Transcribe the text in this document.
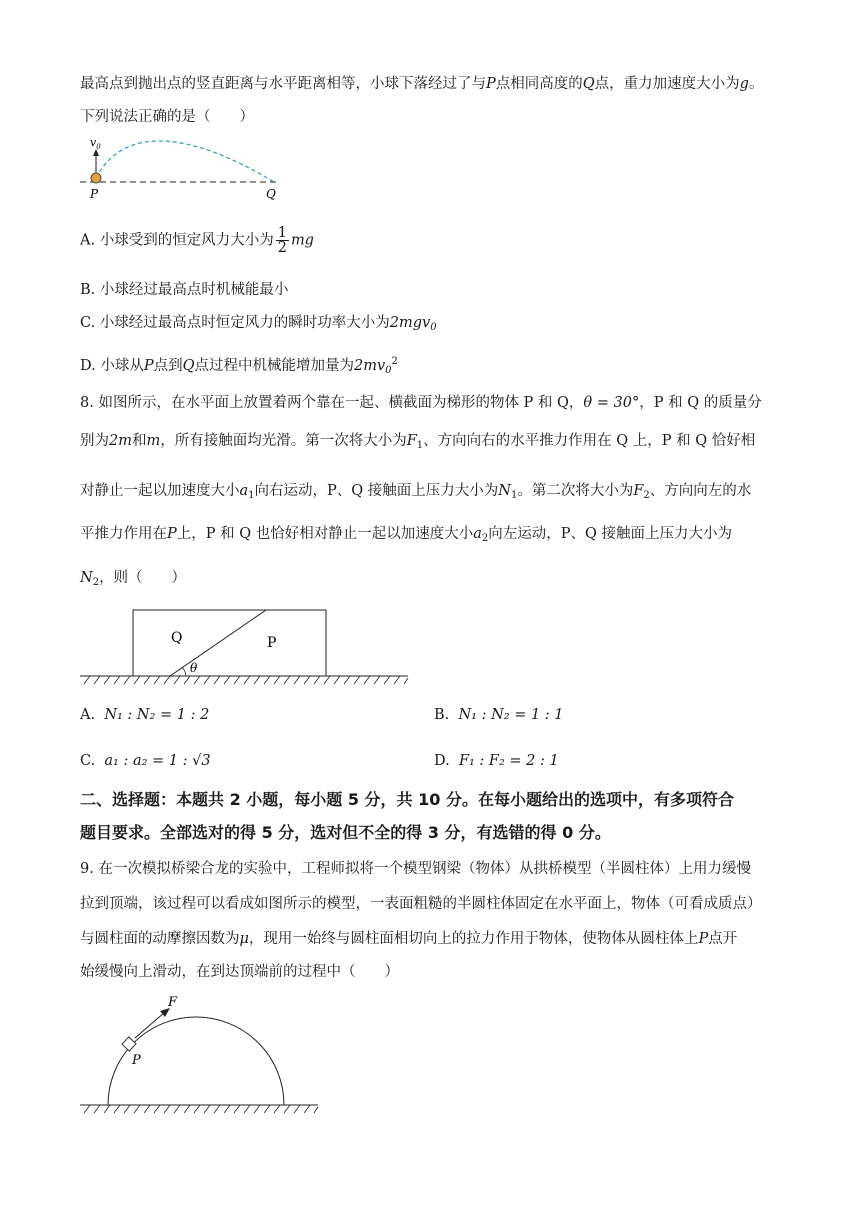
最高点到抛出点的竖直距离与水平距离相等，小球下落经过了与P点相同高度的Q点，重力加速度大小为g。
下列说法正确的是（　　）
$v_0$
P	Q
A. 小球受到的恒定风力大小为 $\frac{1}{2}$ mg
B. 小球经过最高点时机械能最小
C. 小球经过最高点时恒定风力的瞬时功率大小为2mgv$_0$
D. 小球从P点到Q点过程中机械能增加量为$2mv_0^2$
8. 如图所示，在水平面上放置着两个靠在一起、横截面为梯形的物体 P 和 Q，θ = 30°，P 和 Q 的质量分
别为2m和m，所有接触面均光滑。第一次将大小为$F_1$、方向向右的水平推力作用在 Q 上，P 和 Q 恰好相
对静止一起以加速度大小$a_1$向右运动，P、Q 接触面上压力大小为$N_1$。第二次将大小为$F_2$、方向向左的水
平推力作用在P上，P 和 Q 也恰好相对静止一起以加速度大小$a_2$向左运动，P、Q 接触面上压力大小为
$N_2$，则（　　）
Q	P
θ
A. N₁ : N₂ = 1 : 2	B. N₁ : N₂ = 1 : 1
C. a₁ : a₂ = 1 : √3	D. F₁ : F₂ = 2 : 1
二、选择题：本题共 2 小题，每小题 5 分，共 10 分。在每小题给出的选项中，有多项符合
题目要求。全部选对的得 5 分，选对但不全的得 3 分，有选错的得 0 分。
9. 在一次模拟桥梁合龙的实验中，工程师拟将一个模型钢梁（物体）从拱桥模型（半圆柱体）上用力缓慢
拉到顶端，该过程可以看成如图所示的模型，一表面粗糙的半圆柱体固定在水平面上，物体（可看成质点）
与圆柱面的动摩擦因数为μ，现用一始终与圆柱面相切向上的拉力作用于物体，使物体从圆柱体上P点开
始缓慢向上滑动，在到达顶端前的过程中（　　）
F
P
